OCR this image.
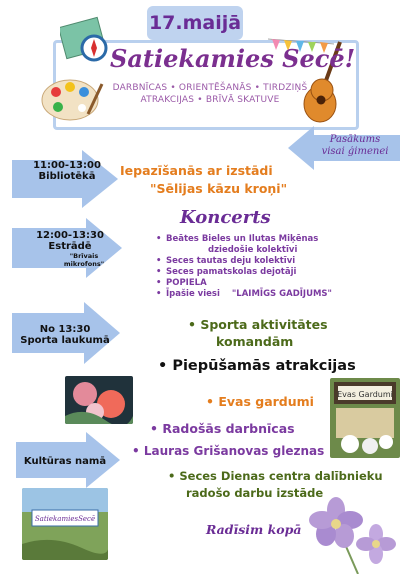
17.maijā
Satiekamies Secē!
DARBNĪCAS • ORIENTĒŠANĀS • TIRDZIŅŠ
ATRAKCIJAS • BRĪVĀ SKATUVE
Pasākums
visai ģimenei
11:00-13:00
Bibliotēkā
12:00-13:30
Estrādē
"Brīvais mikrofons"
No 13:30
Sporta laukumā
Kultūras namā
Iepazīšanās ar izstādi
"Sēlijas kāzu kroņi"
Koncerts
• Beātes Bieles un Ilutas Miķēnas
dziedošie kolektīvi
• Seces tautas deju kolektīvi
• Seces pamatskolas dejotāji
• POPIELA
• Īpašie viesi "LAIMĪGS GADĪJUMS"
• Sporta aktivitātes
komandām
• Piepūšamās atrakcijas
• Evas gardumi
• Radošās darbnīcas
• Lauras Grišanovas gleznas
• Seces Dienas centra dalībnieku
radošo darbu izstāde
Evas Gardumi
SatiekamiesSecē
Radīsim kopā
